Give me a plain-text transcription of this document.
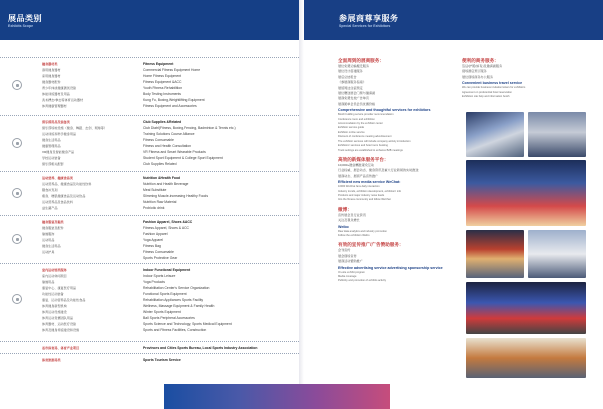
展品类别
Exhibits Scope
参展商尊享服务
Special Services for Exhibitors
健身器材类
商用健身器材
家用健身器材
健身器材配件
青少年体质健康测试设备
体能训练器材及用品
武术搏击/拳击等体育运动器材
体育健康管理器材
Fitness Equipment
Commercial Fitness Equipment Home
Home Fitness Equipment
Fitness Equipment &ACC
Youth Fitness Rehabilition
Body Testing Instruments
Kung Fu, Boxing,Weightlifting Equipment
Fitness Equipment and Accessories
俱乐部用品及装备类
俱乐部场地设施（健身、舞蹈、击剑、网球等）
运动训练和科学健身用品
健身生活用品
健康管理用品
VR健身及智能健身产品
学校运动装备
俱乐部相关配套
Club Supplies &Related
Club Diatrl(Fitness, Boxing,Fencing, Badminton & Tennis etc.)
Training Solutions Course Alliance
Fitness Consumable
Fitness and Health Consultation
VR Fitness and Smart Wearable Products
Student Sport Equipment & College Sport Equipment
Club Supplies Related
运动营养、健康食品类
运动营养品、健康食品及功能性饮料
膳食补充剂
瘦身、增肌健康食品及运动饮品
运动营养品及食品饮料
益生菌产品
Nutrition &Health Food
Nutrition and Health Beverage
Meal Substitute
Slimming Muscle-increasing Healthy Foods
Nutrition Raw Material
Probiotic drink
健身服装及鞋类
健身服装及配件
瑜伽服饰
运动用品
健身生活用品
运动护具
Fashion Apparel, Shoes &ACC
Fitness Apparel, Shoes & ACC
Fashion Apparel
Yoga Apparel
Fitness Bag
Fitness Consumable
Sports Protective Gear
室内运动馆类服务
室内运动休闲项目
瑜伽用品
康复中心、康复医疗用品
功能性运动装备
康复、运动营养品及功能性食品
体育健身新型机构
体育运动设施建设
体育运动竞赛团队用品
体育器材、运动医疗设备
体育及健身场馆建设和设施
Indoor Functional Equipment
Indoor Sports Leisure
Yoga Products
Rehabilitation Center's Service Organization
Functional Sports Equipment
Rehabilitation Appliances Sports Facility
Wellness, Massage Equipment & Family Health
Winter Sports Equipment
Ball Sports Peripheral Accessories
Sports Science and Technology, Sports Medical Equipment
Sports and Fitness Facilities, Construction
省市体育局、体育产业项目	Provinces and Cities Sports Bureau, Local Sports Industry Association
体育旅游局类	Sports Tourism Service
全面周到的展商服务：
展位免费运输搬迁服务
展位设计搭建服务
展后总结报告
《参展商服务指南》
展馆周边住宿预定
展位赠送展会门票与邀请函
展商免费发放广告单页
展商团单会员会员优惠价格
Comprehensive and thoughtful services for exhibitors
Booth building service provider recommendation
Conference room and exhibition
Accommodation by the exhibitor center
Exhibitor service guide
Exhibitor online service
Discount of conference meeting advertisement
The exhibitor services will include company activity introduction
Exhibitors' services and hotel room booking
Track settings are established to enhance B2B meetings
高效的新媒体服务平台：
10,000+微信精准观众互动
行业权威、展会动态、健身资讯及重大行业新闻的实时推送
展商动态、展商产品宣传推广
Efficient new media service WeChat:
10000 WeChat fans daily interaction
Industry trends, exhibition development, exhibitors' info
Products and major industry news feeds
Into the fitness community and follow WeChat
微博：
宣传展会及行业资讯
关注及观众增长
Weibo
Raw data analytics and industry promotion
Follow the exhibition Weibo
有效的宣传推广/广告赞助服务：
会刊宣传
展会现场宣传
展商活动赞助推广
Effective advertising service advertising sponsorship service
On-site exhibit program
Media coverage
Publicity and promotion of exhibits activity
便利的商务服务：
签证/护照(如有)及邀请函服务
现场酒店预订服务
展位现场商务办公服务
Convenient business travel service
We can provide business invitation letters for exhibitors
Agreement on preferential hotel reservation
Exhibition site help and information booth
